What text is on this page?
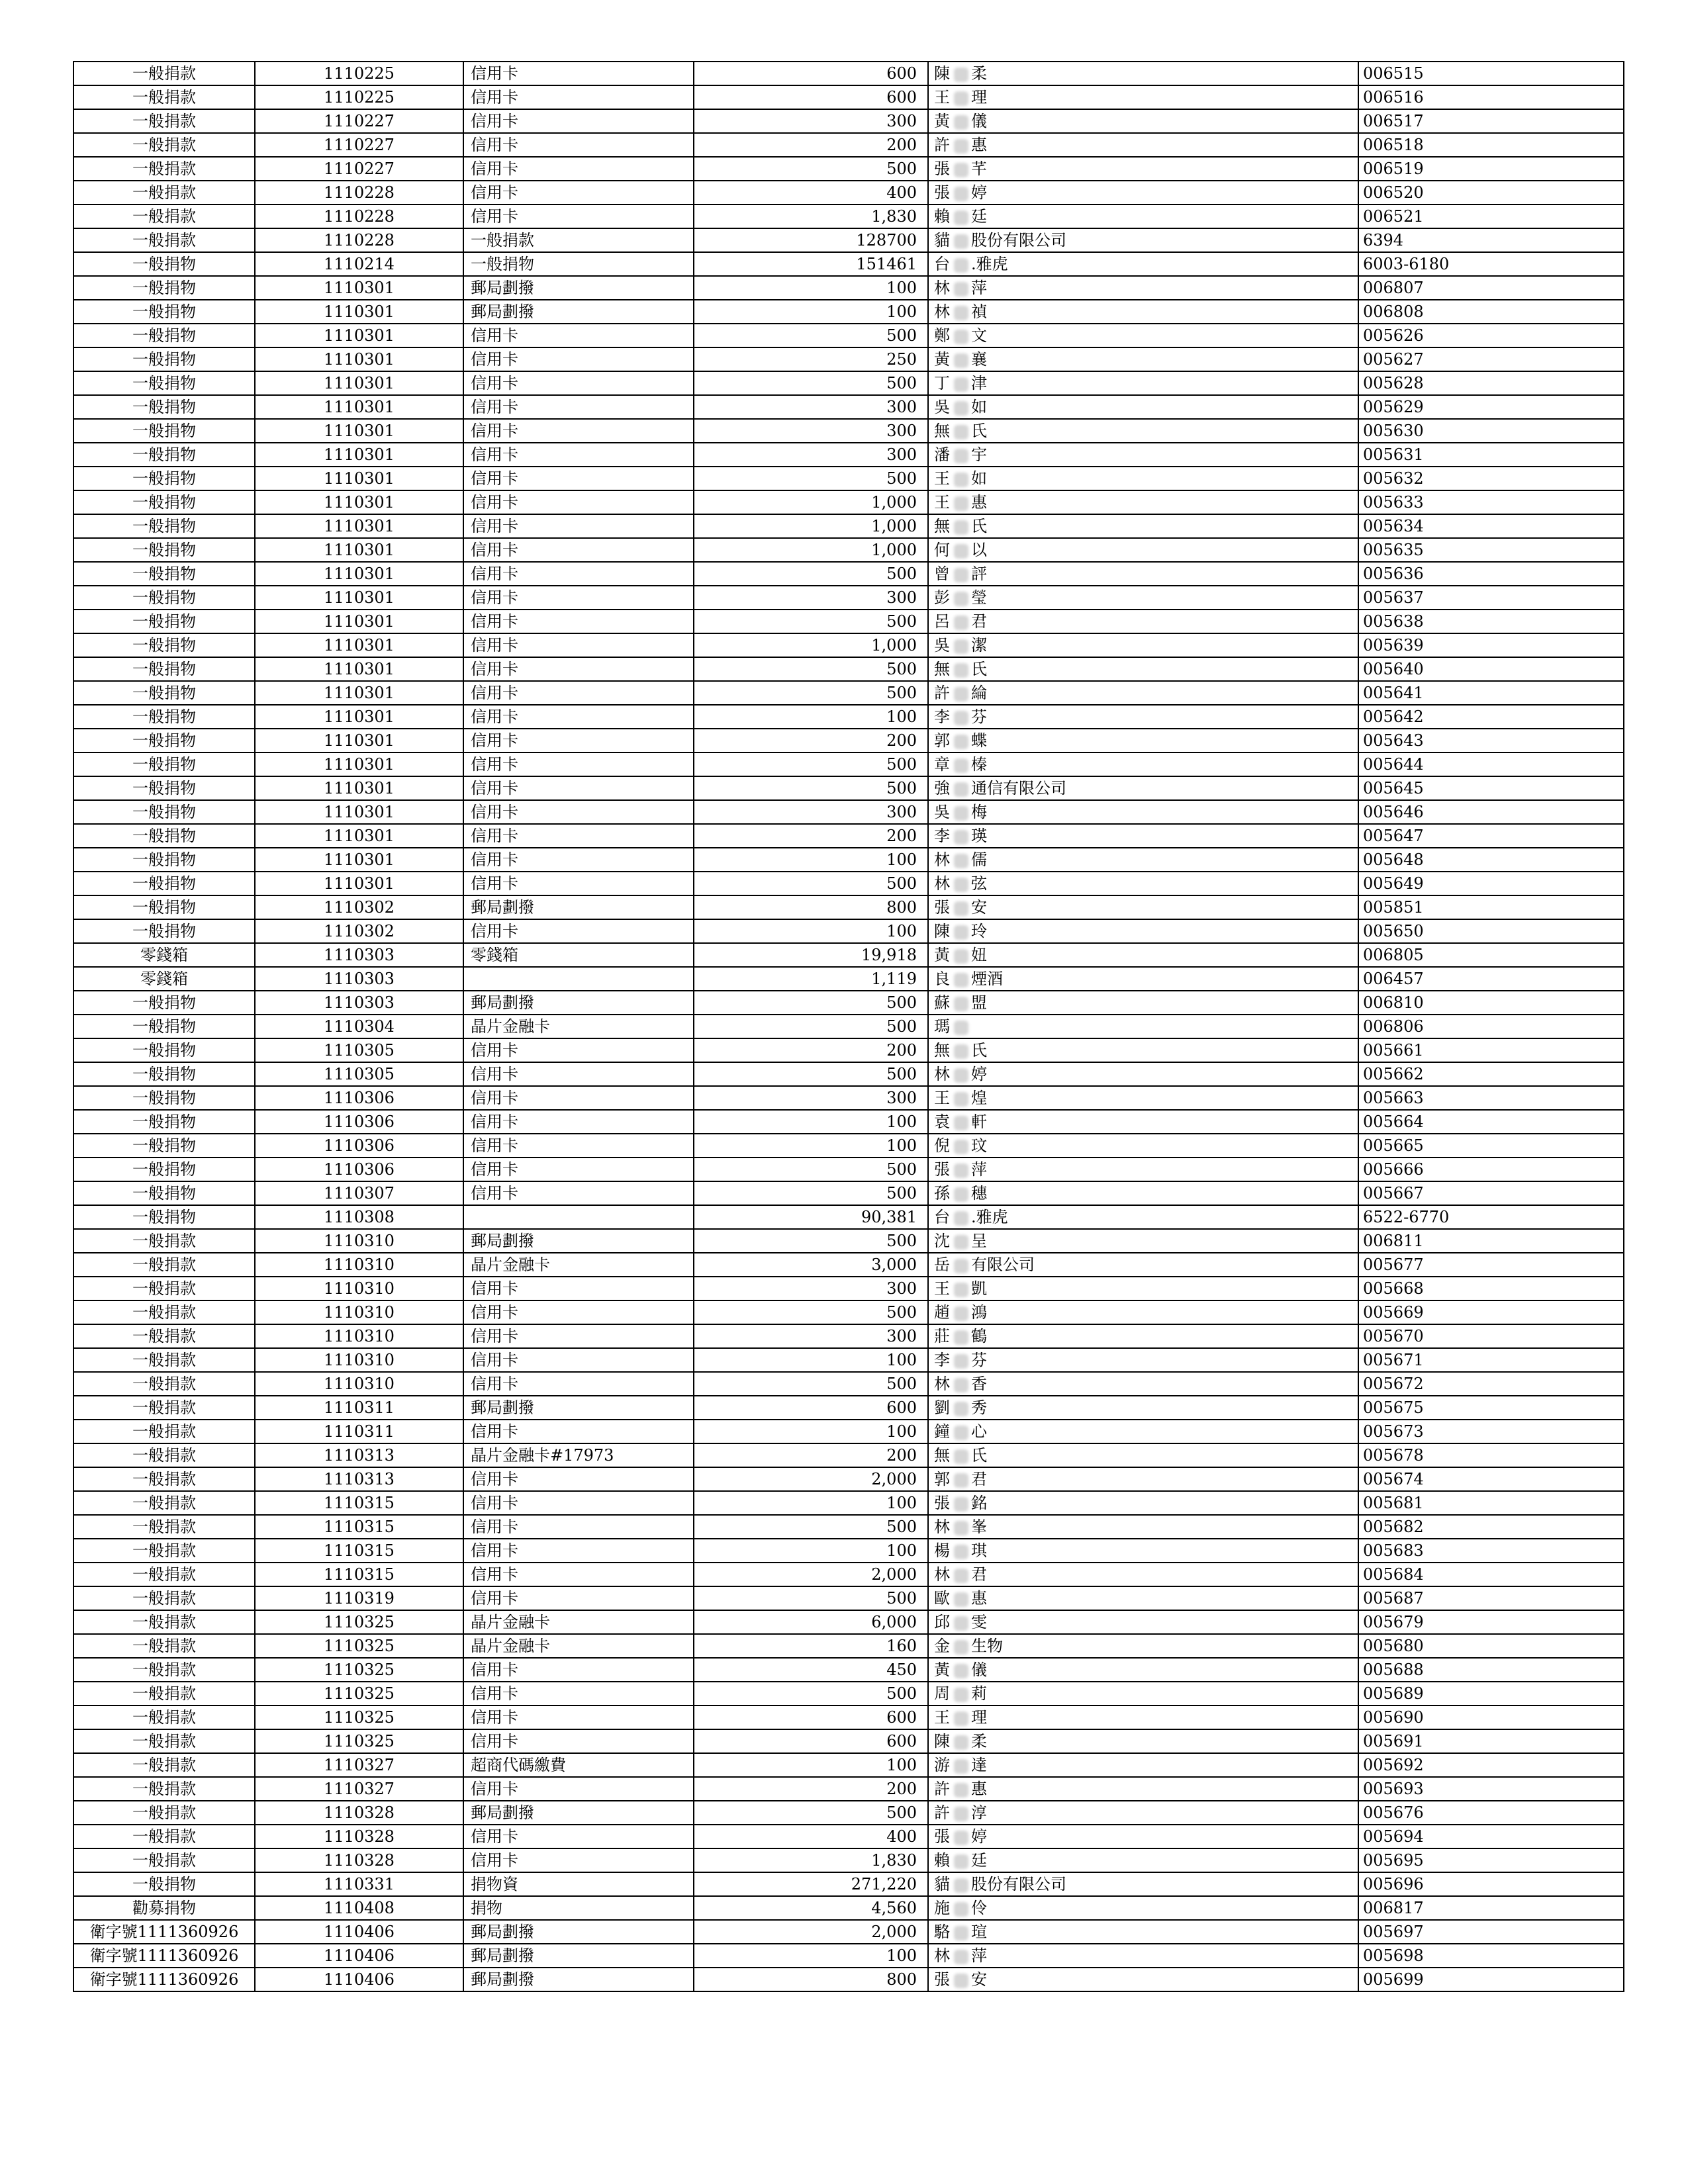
一般捐款	1110225	信用卡	600	陳 柔	006515
一般捐款	1110225	信用卡	600	王 理	006516
一般捐款	1110227	信用卡	300	黃 儀	006517
一般捐款	1110227	信用卡	200	許 惠	006518
一般捐款	1110227	信用卡	500	張 芊	006519
一般捐款	1110228	信用卡	400	張 婷	006520
一般捐款	1110228	信用卡	1,830	賴 廷	006521
一般捐款	1110228	一般捐款	128700	貓 股份有限公司	6394
一般捐物	1110214	一般捐物	151461	台 .雅虎	6003-6180
一般捐物	1110301	郵局劃撥	100	林 萍	006807
一般捐物	1110301	郵局劃撥	100	林 禎	006808
一般捐物	1110301	信用卡	500	鄭 文	005626
一般捐物	1110301	信用卡	250	黃 襄	005627
一般捐物	1110301	信用卡	500	丁 津	005628
一般捐物	1110301	信用卡	300	吳 如	005629
一般捐物	1110301	信用卡	300	無 氏	005630
一般捐物	1110301	信用卡	300	潘 宇	005631
一般捐物	1110301	信用卡	500	王 如	005632
一般捐物	1110301	信用卡	1,000	王 惠	005633
一般捐物	1110301	信用卡	1,000	無 氏	005634
一般捐物	1110301	信用卡	1,000	何 以	005635
一般捐物	1110301	信用卡	500	曾 評	005636
一般捐物	1110301	信用卡	300	彭 瑩	005637
一般捐物	1110301	信用卡	500	呂 君	005638
一般捐物	1110301	信用卡	1,000	吳 潔	005639
一般捐物	1110301	信用卡	500	無 氏	005640
一般捐物	1110301	信用卡	500	許 綸	005641
一般捐物	1110301	信用卡	100	李 芬	005642
一般捐物	1110301	信用卡	200	郭 蝶	005643
一般捐物	1110301	信用卡	500	章 榛	005644
一般捐物	1110301	信用卡	500	強 通信有限公司	005645
一般捐物	1110301	信用卡	300	吳 梅	005646
一般捐物	1110301	信用卡	200	李 瑛	005647
一般捐物	1110301	信用卡	100	林 儒	005648
一般捐物	1110301	信用卡	500	林 弦	005649
一般捐物	1110302	郵局劃撥	800	張 安	005851
一般捐物	1110302	信用卡	100	陳 玲	005650
零錢箱	1110303	零錢箱	19,918	黃 妞	006805
零錢箱	1110303		1,119	良 煙酒	006457
一般捐物	1110303	郵局劃撥	500	蘇 盟	006810
一般捐物	1110304	晶片金融卡	500	瑪	006806
一般捐物	1110305	信用卡	200	無 氏	005661
一般捐物	1110305	信用卡	500	林 婷	005662
一般捐物	1110306	信用卡	300	王 煌	005663
一般捐物	1110306	信用卡	100	袁 軒	005664
一般捐物	1110306	信用卡	100	倪 玟	005665
一般捐物	1110306	信用卡	500	張 萍	005666
一般捐物	1110307	信用卡	500	孫 穗	005667
一般捐物	1110308		90,381	台 .雅虎	6522-6770
一般捐款	1110310	郵局劃撥	500	沈 呈	006811
一般捐款	1110310	晶片金融卡	3,000	岳 有限公司	005677
一般捐款	1110310	信用卡	300	王 凱	005668
一般捐款	1110310	信用卡	500	趙 鴻	005669
一般捐款	1110310	信用卡	300	莊 鶴	005670
一般捐款	1110310	信用卡	100	李 芬	005671
一般捐款	1110310	信用卡	500	林 香	005672
一般捐款	1110311	郵局劃撥	600	劉 秀	005675
一般捐款	1110311	信用卡	100	鐘 心	005673
一般捐款	1110313	晶片金融卡#17973	200	無 氏	005678
一般捐款	1110313	信用卡	2,000	郭 君	005674
一般捐款	1110315	信用卡	100	張 銘	005681
一般捐款	1110315	信用卡	500	林 峯	005682
一般捐款	1110315	信用卡	100	楊 琪	005683
一般捐款	1110315	信用卡	2,000	林 君	005684
一般捐款	1110319	信用卡	500	歐 惠	005687
一般捐款	1110325	晶片金融卡	6,000	邱 雯	005679
一般捐款	1110325	晶片金融卡	160	金 生物	005680
一般捐款	1110325	信用卡	450	黃 儀	005688
一般捐款	1110325	信用卡	500	周 莉	005689
一般捐款	1110325	信用卡	600	王 理	005690
一般捐款	1110325	信用卡	600	陳 柔	005691
一般捐款	1110327	超商代碼繳費	100	游 達	005692
一般捐款	1110327	信用卡	200	許 惠	005693
一般捐款	1110328	郵局劃撥	500	許 淳	005676
一般捐款	1110328	信用卡	400	張 婷	005694
一般捐款	1110328	信用卡	1,830	賴 廷	005695
一般捐物	1110331	捐物資	271,220	貓 股份有限公司	005696
勸募捐物	1110408	捐物	4,560	施 伶	006817
衛字號1111360926	1110406	郵局劃撥	2,000	駱 瑄	005697
衛字號1111360926	1110406	郵局劃撥	100	林 萍	005698
衛字號1111360926	1110406	郵局劃撥	800	張 安	005699
